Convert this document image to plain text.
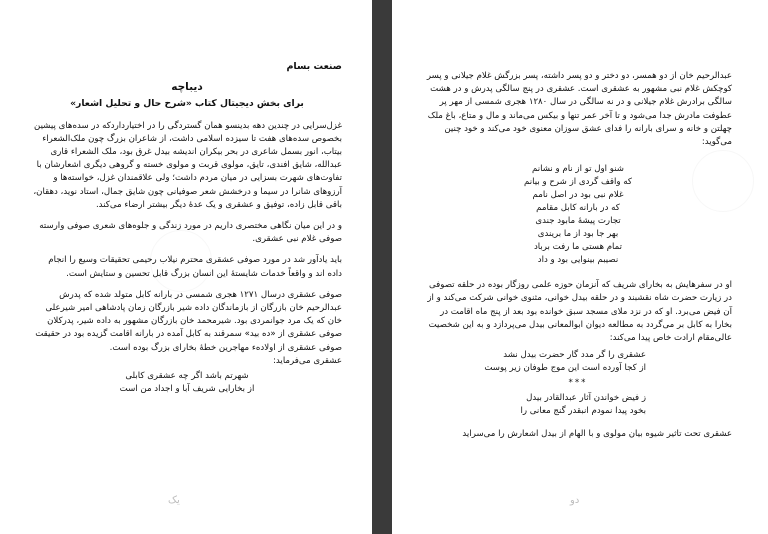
صنعت بسام
دیباچه
برای بخش دیجیتال کتاب «شرح حال و تحلیل اشعار»

غزل‌سرایی در چندین دهه بدینسو همان گستردگی را در اختیارداردکه در سده‌های پیشین بخصوص سده‌های هفت تا سیزده اسلامی داشت، از شاعران بزرگ چون ملک‌الشعراء بیتاب، انور بسمل شاعری در بحر بیکران اندیشه بیدل غرق بود، ملک الشعراء قاری عبدالله، شایق افندی، تایق، مولوی قربت و مولوی خسته و گروهی دیگری اشعارشان با تفاوت‌های شهرت بسزایی در میان مردم داشت؛ ولی علاقمندان غزل، خواسته‌ها و آرزوهای شانرا در سیما و درخشش شعر صوفیانی چون شایق جمال، استاد نوید، دهقان، باقی قابل زاده، توفیق و عشقری و یک عدهٔ دیگر بیشتر ارضاء می‌کند.

و در این میان نگاهی مختصری داریم در مورد زندگی و جلوه‌های شعری صوفی وارسته صوفی غلام نبی عشقری.

باید یادآور شد در مورد صوفی عشقری محترم نیلاب رحیمی تحقیقات وسیع را انجام داده اند و واقعاً خدمات شایستهٔ این انسان بزرگ قابل تحسین و ستایش است.

صوفی عشقری درسال ۱۲۷۱ هجری شمسی در بارانه کابل متولد شده که پدرش عبدالرحیم خان بازرگان از بازماندگان داده شیر بازرگان زمان پادشاهی امیر شیرعلی خان که یک مرد جوانمردی بود. شیرمحمد خان بازرگان مشهور به داده شیر، پدرکلان صوفی عشقری از «ده بید» سمرقند به کابل آمده در بارانه اقامت گزیده بود در حقیقت صوفی عشقری از اولاده‌ء مهاجرین خطهٔ بخارای بزرگ بوده است.

عشقری می‌فرماید:

شهرتم باشد اگر چه عشقری کابلی
از بخارایی شریف آبا و اجداد من است
یک

عبدالرحیم خان از دو همسر، دو دختر و دو پسر داشته، پسر بزرگش غلام جیلانی و پسر کوچکش غلام نبی مشهور به عشقری است. عشقری در پنج سالگی پدرش و در هشت سالگی برادرش غلام جیلانی و در نه سالگی در سال ۱۲۸۰ هجری شمسی از مهر پر عطوفت مادرش جدا می‌شود و تا آخر عمر تنها و بیکس می‌ماند و مال و متاع، باغ ملک چهلتن و خانه و سرای بارانه را فدای عشق سوزان معنوی خود می‌کند و خود چنین می‌گوید:

شنو اول تو از نام و نشانم
که واقف گردی از شرح و بیانم
غلام نبی بود در اصل نامم
که در بارانه کابل مقامم
تجارت پیشهٔ مابود جندی
بهر جا بود از ما بریندی
تمام هستی ما رفت برباد
نصیبم بینوایی بود و داد

او در سفرهایش به بخارای شریف که آنزمان حوزه علمی روزگار بوده در حلقه تصوفی در زیارت حضرت شاه نقشبند و در حلقه بیدل خوانی، مثنوی خوانی شرکت می‌کند و از آن فیض می‌برد. او که در نزد ملای مسجد سبق خوانده بود بعد از پنج ماه اقامت در بخارا به کابل بر می‌گردد به مطالعه دیوان ابوالمعانی بیدل می‌پردازد و به این شخصیت عالی‌مقام ارادت خاص پیدا می‌کند:

عشقری را گر مدد گار حضرت بیدل نشد
از کجا آورده است این موج طوفان زیر پوست
***
ز فیض خواندن آثار عبدالقادر بیدل
بخود پیدا نمودم انبقدر گنج معانی را

عشقری تحت تاثیر شیوه بیان مولوی و با الهام از بیدل اشعارش را می‌سراید

دو
